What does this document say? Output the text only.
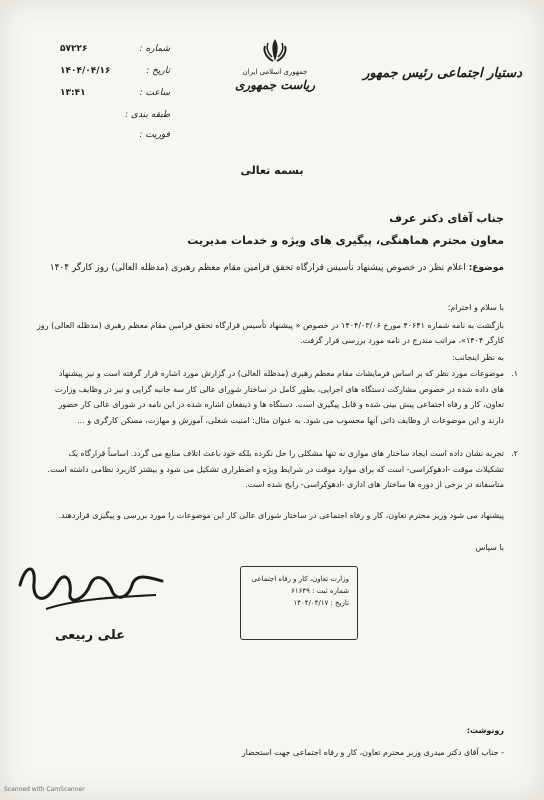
دستیار اجتماعی رئیس جمهور
جمهوری اسلامی ایران
ریاست جمهوری
شماره :
۵۷۲۲۶
تاریخ :
۱۴۰۴/۰۴/۱۶
ساعت :
۱۳:۴۱
طبقه بندی :
فوریت :
بسمه تعالی
جناب آقای دکتر عرف
معاون محترم هماهنگی، پیگیری های ویژه و خدمات مدیریت
موضوع: اعلام نظر در خصوص پیشنهاد تأسیس قرارگاه تحقق فرامین مقام معظم رهبری (مدظله العالی) روز کارگر ۱۴۰۴
با سلام و احترام؛
بازگشت به نامه شماره ۴۰۶۴۱ مورخ ۱۴۰۴/۰۳/۰۶ در خصوص « پیشنهاد تأسیس قرارگاه تحقق فرامین مقام معظم رهبری (مدظله العالی) روز کارگر ۱۴۰۴»، مراتب مندرج در نامه مورد بررسی قرار گرفت.
به نظر اینجانب:
۱.
موضوعات مورد نظر که بر اساس فرمایشات مقام معظم رهبری (مدظله العالی) در گزارش مورد اشاره قرار گرفته است و نیز پیشنهاد های داده شده در خصوص مشارکت دستگاه های اجرایی، بطور کامل در ساختار شورای عالی کار سه جانبه گرایی و نیز در وظایف وزارت تعاون، کار و رفاه اجتماعی پیش بینی شده و قابل پیگیری است. دستگاه ها و ذینفعان اشاره شده در این نامه در شورای عالی کار حضور دارند و این موضوعات از وظایف ذاتی آنها محسوب می شود. به عنوان مثال: امنیت شغلی، آموزش و مهارت، مسکن کارگری و ...
۲.
تجربه نشان داده است ایجاد ساختار های موازی نه تنها مشکلی را حل نکرده بلکه خود باعث اتلاف منابع می گردد. اساساً قرارگاه یک تشکیلات موقت -ادهوکراسی- است که برای موارد موقت در شرایط ویژه و اضطراری تشکیل می شود و بیشتر کاربرد نظامی داشته است. متاسفانه در برخی از دوره ها ساختار های اداری -ادهوکراسی- رایج شده است.
پیشنهاد می شود وزیر محترم تعاون، کار و رفاه اجتماعی در ساختار شورای عالی کار این موضوعات را مورد بررسی و پیگیری قراردهند.
با سپاس
وزارت تعاون، کار و رفاه اجتماعی
شماره ثبت : ۶۱۶۴۹
تاریخ : ۱۴۰۴/۰۴/۱۷
علی ربیعی
رونوشت:
- جناب آقای دکتر میدری وزیر محترم تعاون، کار و رفاه اجتماعی جهت استحضار
Scanned with CamScanner
